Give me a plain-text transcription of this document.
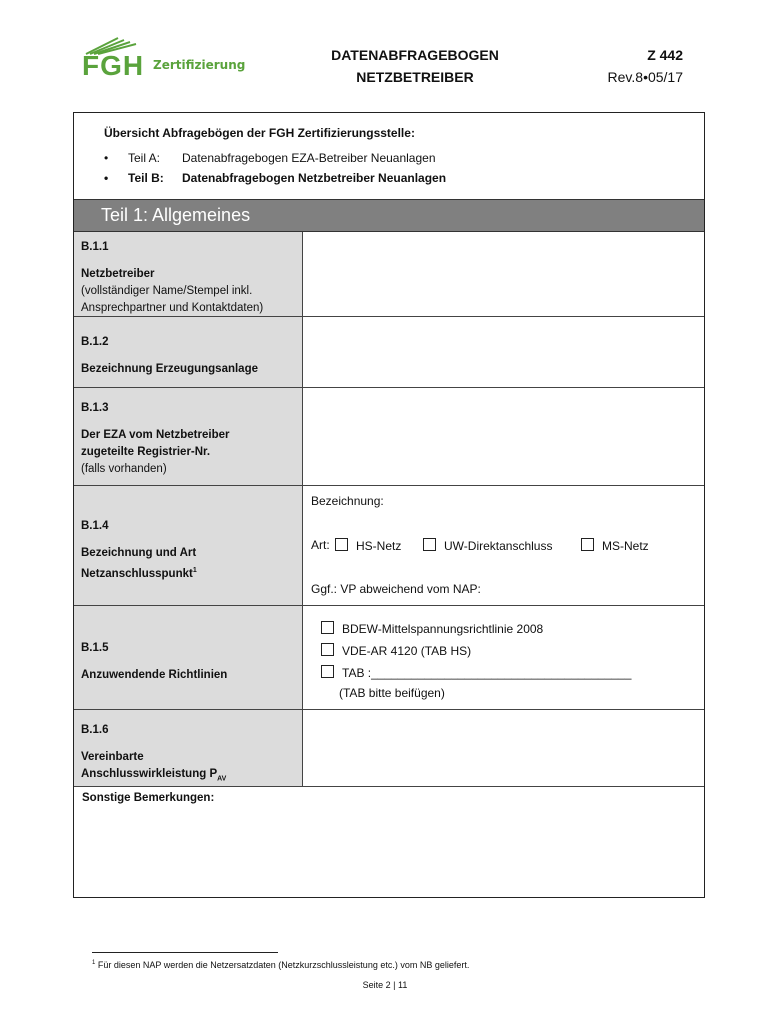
FGH Zertifizierung
DATENABFRAGEBOGEN
NETZBETREIBER
Z 442
Rev.8•05/17
Übersicht Abfragebögen der FGH Zertifizierungsstelle:
•	Teil A:	Datenabfragebogen EZA-Betreiber Neuanlagen
•	Teil B:	Datenabfragebogen Netzbetreiber Neuanlagen
Teil 1: Allgemeines
B.1.1
Netzbetreiber
(vollständiger Name/Stempel inkl.
Ansprechpartner und Kontaktdaten)
B.1.2
Bezeichnung Erzeugungsanlage
B.1.3
Der EZA vom Netzbetreiber
zugeteilte Registrier-Nr.
(falls vorhanden)
B.1.4
Bezeichnung und Art
Netzanschlusspunkt$^1$
Bezeichnung:
Art:	HS-Netz	UW-Direktanschluss	MS-Netz
Ggf.: VP abweichend vom NAP:
B.1.5
Anzuwendende Richtlinien
BDEW-Mittelspannungsrichtlinie 2008
VDE-AR 4120 (TAB HS)
TAB :_______________________________________
(TAB bitte beifügen)
B.1.6
Vereinbarte
Anschlusswirkleistung $P_{AV}$
Sonstige Bemerkungen:
$^1$ Für diesen NAP werden die Netzersatzdaten (Netzkurzschlussleistung etc.) vom NB geliefert.
Seite 2 | 11
